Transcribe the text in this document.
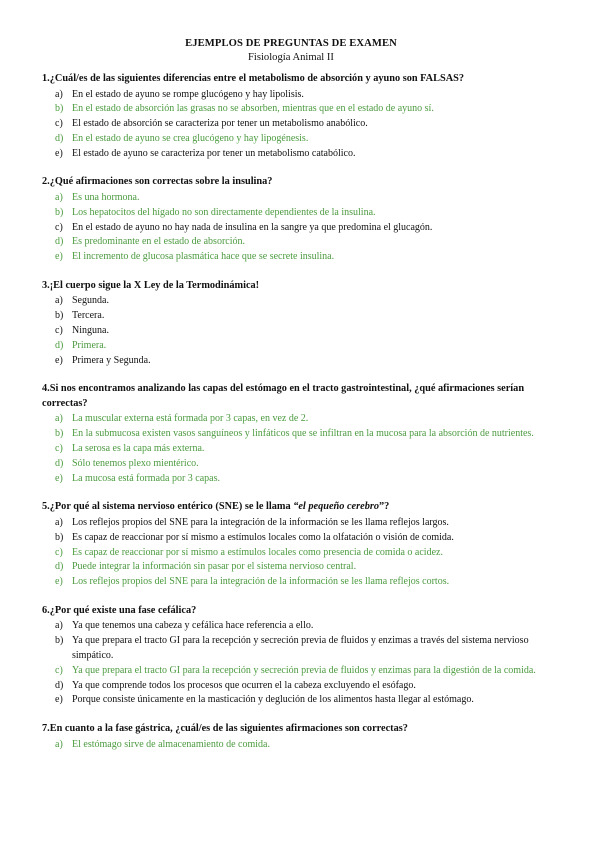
EJEMPLOS DE PREGUNTAS DE EXAMEN
Fisiología Animal II
1.¿Cuál/es de las siguientes diferencias entre el metabolismo de absorción y ayuno son FALSAS?
a) En el estado de ayuno se rompe glucógeno y hay lipolisis.
b) En el estado de absorción las grasas no se absorben, mientras que en el estado de ayuno sí.
c) El estado de absorción se caracteriza por tener un metabolismo anabólico.
d) En el estado de ayuno se crea glucógeno y hay lipogénesis.
e) El estado de ayuno se caracteriza por tener un metabolismo catabólico.
2.¿Qué afirmaciones son correctas sobre la insulina?
a) Es una hormona.
b) Los hepatocitos del hígado no son directamente dependientes de la insulina.
c) En el estado de ayuno no hay nada de insulina en la sangre ya que predomina el glucagón.
d) Es predominante en el estado de absorción.
e) El incremento de glucosa plasmática hace que se secrete insulina.
3.¡El cuerpo sigue la X Ley de la Termodinámica!
a) Segunda.
b) Tercera.
c) Ninguna.
d) Primera.
e) Primera y Segunda.
4.Si nos encontramos analizando las capas del estómago en el tracto gastrointestinal, ¿qué afirmaciones serían correctas?
a) La muscular externa está formada por 3 capas, en vez de 2.
b) En la submucosa existen vasos sanguíneos y linfáticos que se infiltran en la mucosa para la absorción de nutrientes.
c) La serosa es la capa más externa.
d) Sólo tenemos plexo mientérico.
e) La mucosa está formada por 3 capas.
5.¿Por qué al sistema nervioso entérico (SNE) se le llama “el pequeño cerebro”?
a) Los reflejos propios del SNE para la integración de la información se les llama reflejos largos.
b) Es capaz de reaccionar por sí mismo a estímulos locales como la olfatación o visión de comida.
c) Es capaz de reaccionar por sí mismo a estímulos locales como presencia de comida o acidez.
d) Puede integrar la información sin pasar por el sistema nervioso central.
e) Los reflejos propios del SNE para la integración de la información se les llama reflejos cortos.
6.¿Por qué existe una fase cefálica?
a) Ya que tenemos una cabeza y cefálica hace referencia a ello.
b) Ya que prepara el tracto GI para la recepción y secreción previa de fluidos y enzimas a través del sistema nervioso simpático.
c) Ya que prepara el tracto GI para la recepción y secreción previa de fluidos y enzimas para la digestión de la comida.
d) Ya que comprende todos los procesos que ocurren el la cabeza excluyendo el esófago.
e) Porque consiste únicamente en la masticación y deglución de los alimentos hasta llegar al estómago.
7.En cuanto a la fase gástrica, ¿cuál/es de las siguientes afirmaciones son correctas?
a) El estómago sirve de almacenamiento de comida.
